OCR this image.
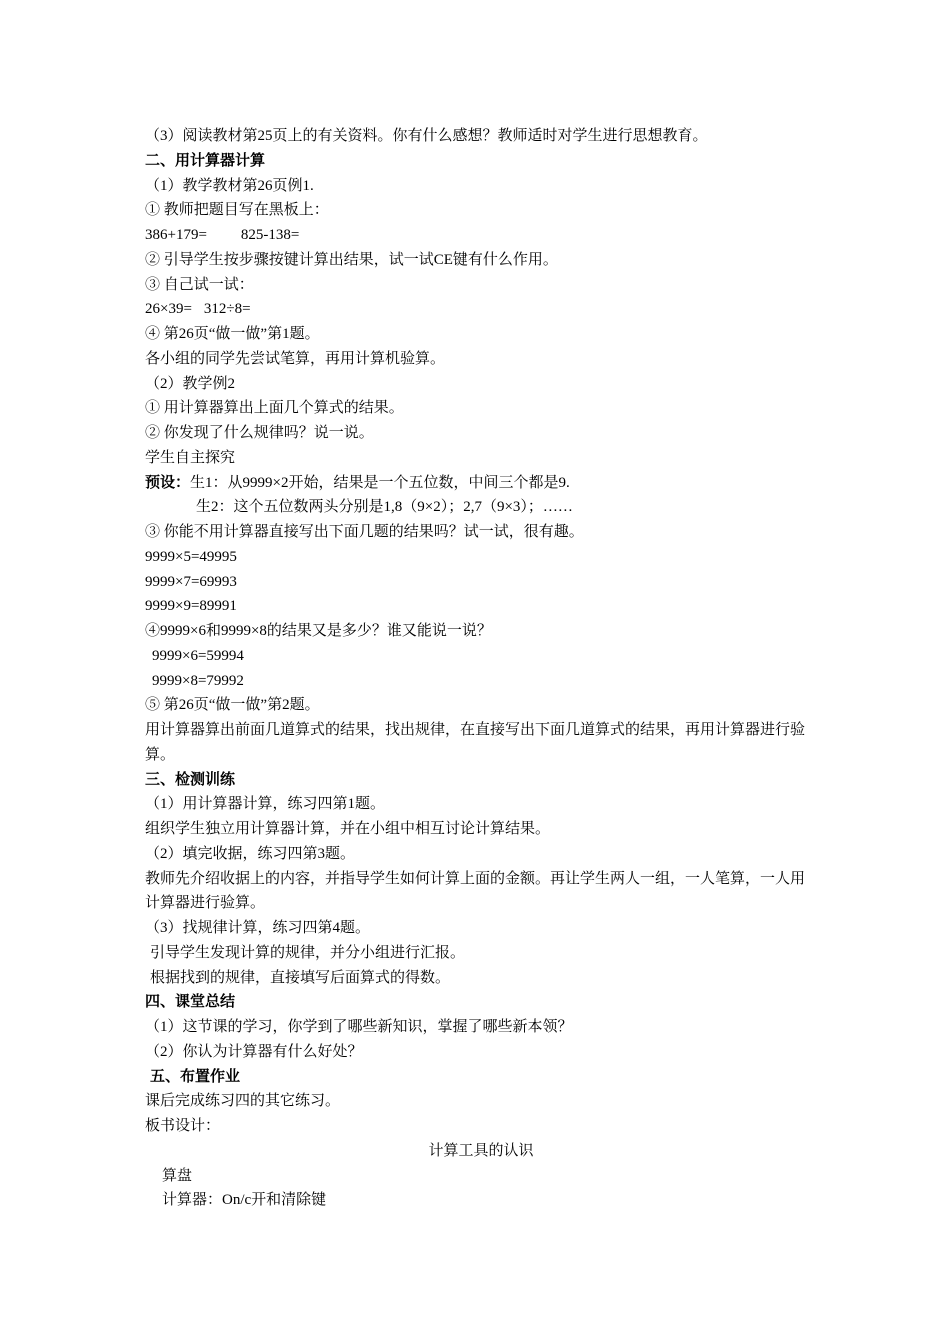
（3）阅读教材第25页上的有关资料。你有什么感想？教师适时对学生进行思想教育。
二、用计算器计算
（1）教学教材第26页例1.
① 教师把题目写在黑板上：
386+179= 825-138=
② 引导学生按步骤按键计算出结果，试一试CE键有什么作用。
③ 自己试一试：
26×39= 312÷8=
④ 第26页“做一做”第1题。
各小组的同学先尝试笔算，再用计算机验算。
（2）教学例2
① 用计算器算出上面几个算式的结果。
② 你发现了什么规律吗？说一说。
学生自主探究
预设：生1：从9999×2开始，结果是一个五位数，中间三个都是9.
生2：这个五位数两头分别是1,8（9×2）；2,7（9×3）；……
③ 你能不用计算器直接写出下面几题的结果吗？试一试，很有趣。
9999×5=49995
9999×7=69993
9999×9=89991
④9999×6和9999×8的结果又是多少？谁又能说一说？
9999×6=59994
9999×8=79992
⑤ 第26页“做一做”第2题。
用计算器算出前面几道算式的结果，找出规律，在直接写出下面几道算式的结果，再用计算器进行验算。
三、检测训练
（1）用计算器计算，练习四第1题。
组织学生独立用计算器计算，并在小组中相互讨论计算结果。
（2）填完收据，练习四第3题。
教师先介绍收据上的内容，并指导学生如何计算上面的金额。再让学生两人一组，一人笔算，一人用计算器进行验算。
（3）找规律计算，练习四第4题。
引导学生发现计算的规律，并分小组进行汇报。
根据找到的规律，直接填写后面算式的得数。
四、课堂总结
（1）这节课的学习，你学到了哪些新知识，掌握了哪些新本领？
（2）你认为计算器有什么好处？
五、布置作业
课后完成练习四的其它练习。
板书设计：
计算工具的认识
算盘
计算器：On/c开和清除键
